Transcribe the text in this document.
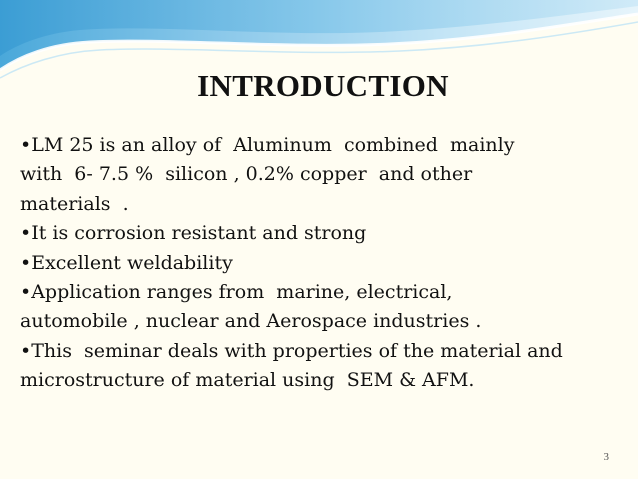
INTRODUCTION

•LM 25 is an alloy of  Aluminum  combined  mainly

with  6- 7.5 %  silicon , 0.2% copper  and other

materials  .

•It is corrosion resistant and strong

•Excellent weldability

•Application ranges from  marine, electrical,

automobile , nuclear and Aerospace industries .

•This  seminar deals with properties of the material and

microstructure of material using  SEM & AFM.

3
